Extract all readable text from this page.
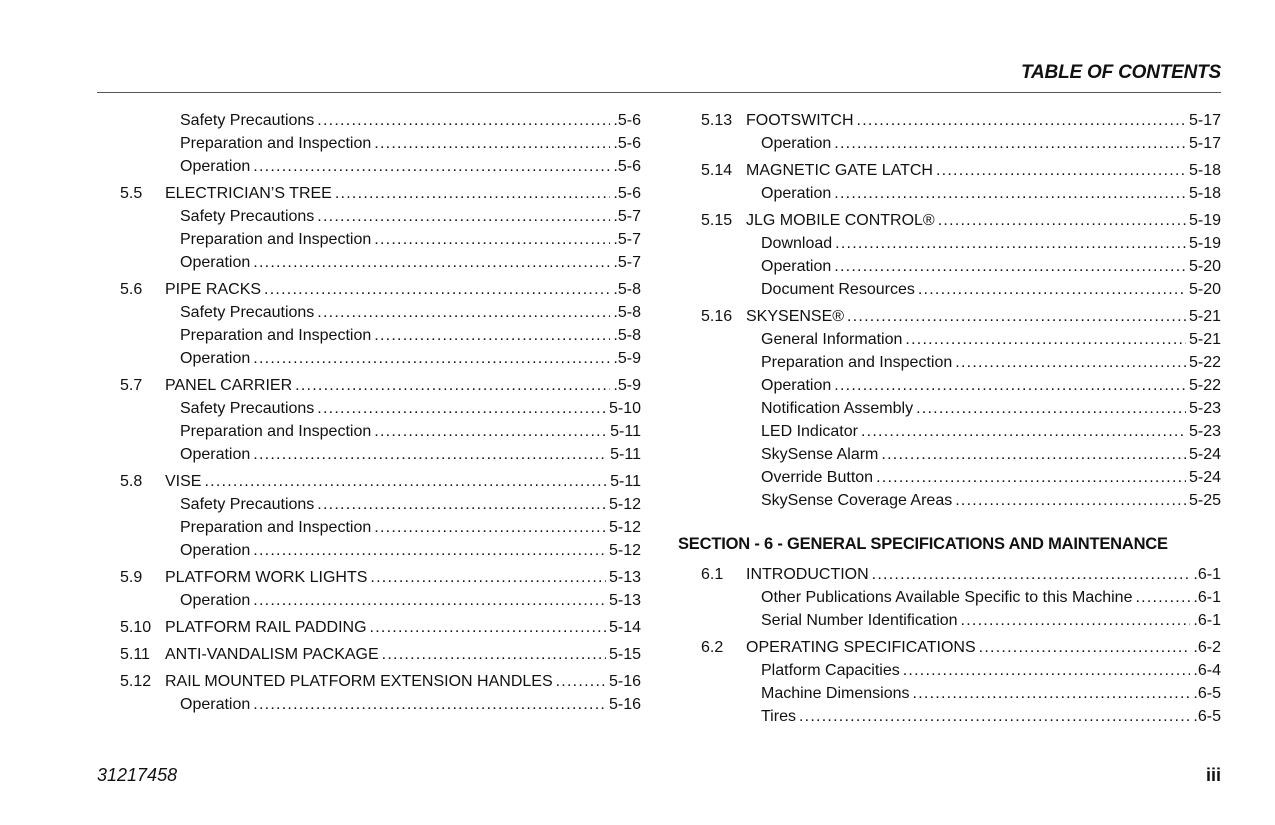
TABLE OF CONTENTS
Safety Precautions . . .	.5-6
Preparation and Inspection . . .	.5-6
Operation . . .	.5-6
5.5	ELECTRICIAN’S TREE . . .	.5-6
Safety Precautions . . .	.5-7
Preparation and Inspection . . .	.5-7
Operation . . .	.5-7
5.6	PIPE RACKS . . .	.5-8
Safety Precautions . . .	.5-8
Preparation and Inspection . . .	.5-8
Operation . . .	.5-9
5.7	PANEL CARRIER . . .	.5-9
Safety Precautions . . .	5-10
Preparation and Inspection . . .	5-11
Operation . . .	5-11
5.8	VISE . . .	5-11
Safety Precautions . . .	5-12
Preparation and Inspection . . .	5-12
Operation . . .	5-12
5.9	PLATFORM WORK LIGHTS . . .	5-13
Operation . . .	5-13
5.10 PLATFORM RAIL PADDING . . .	5-14
5.11 ANTI-VANDALISM PACKAGE . . .	5-15
5.12 RAIL MOUNTED PLATFORM EXTENSION HANDLES . . .	5-16
Operation . . .	5-16
5.13 FOOTSWITCH . . .	5-17
Operation . . .	5-17
5.14 MAGNETIC GATE LATCH . . .	5-18
Operation . . .	5-18
5.15 JLG MOBILE CONTROL® . . .	5-19
Download . . .	5-19
Operation . . .	5-20
Document Resources . . .	5-20
5.16 SKYSENSE® . . .	5-21
General Information . . .	5-21
Preparation and Inspection . . .	5-22
Operation . . .	5-22
Notification Assembly . . .	5-23
LED Indicator . . .	5-23
SkySense Alarm . . .	5-24
Override Button . . .	5-24
SkySense Coverage Areas . . .	5-25
SECTION - 6 - GENERAL SPECIFICATIONS AND MAINTENANCE
6.1	INTRODUCTION . . .	.6-1
Other Publications Available Specific to this Machine . . .	.6-1
Serial Number Identification . . .	.6-1
6.2	OPERATING SPECIFICATIONS . . .	.6-2
Platform Capacities . . .	.6-4
Machine Dimensions . . .	.6-5
Tires . . .	.6-5
31217458	iii
